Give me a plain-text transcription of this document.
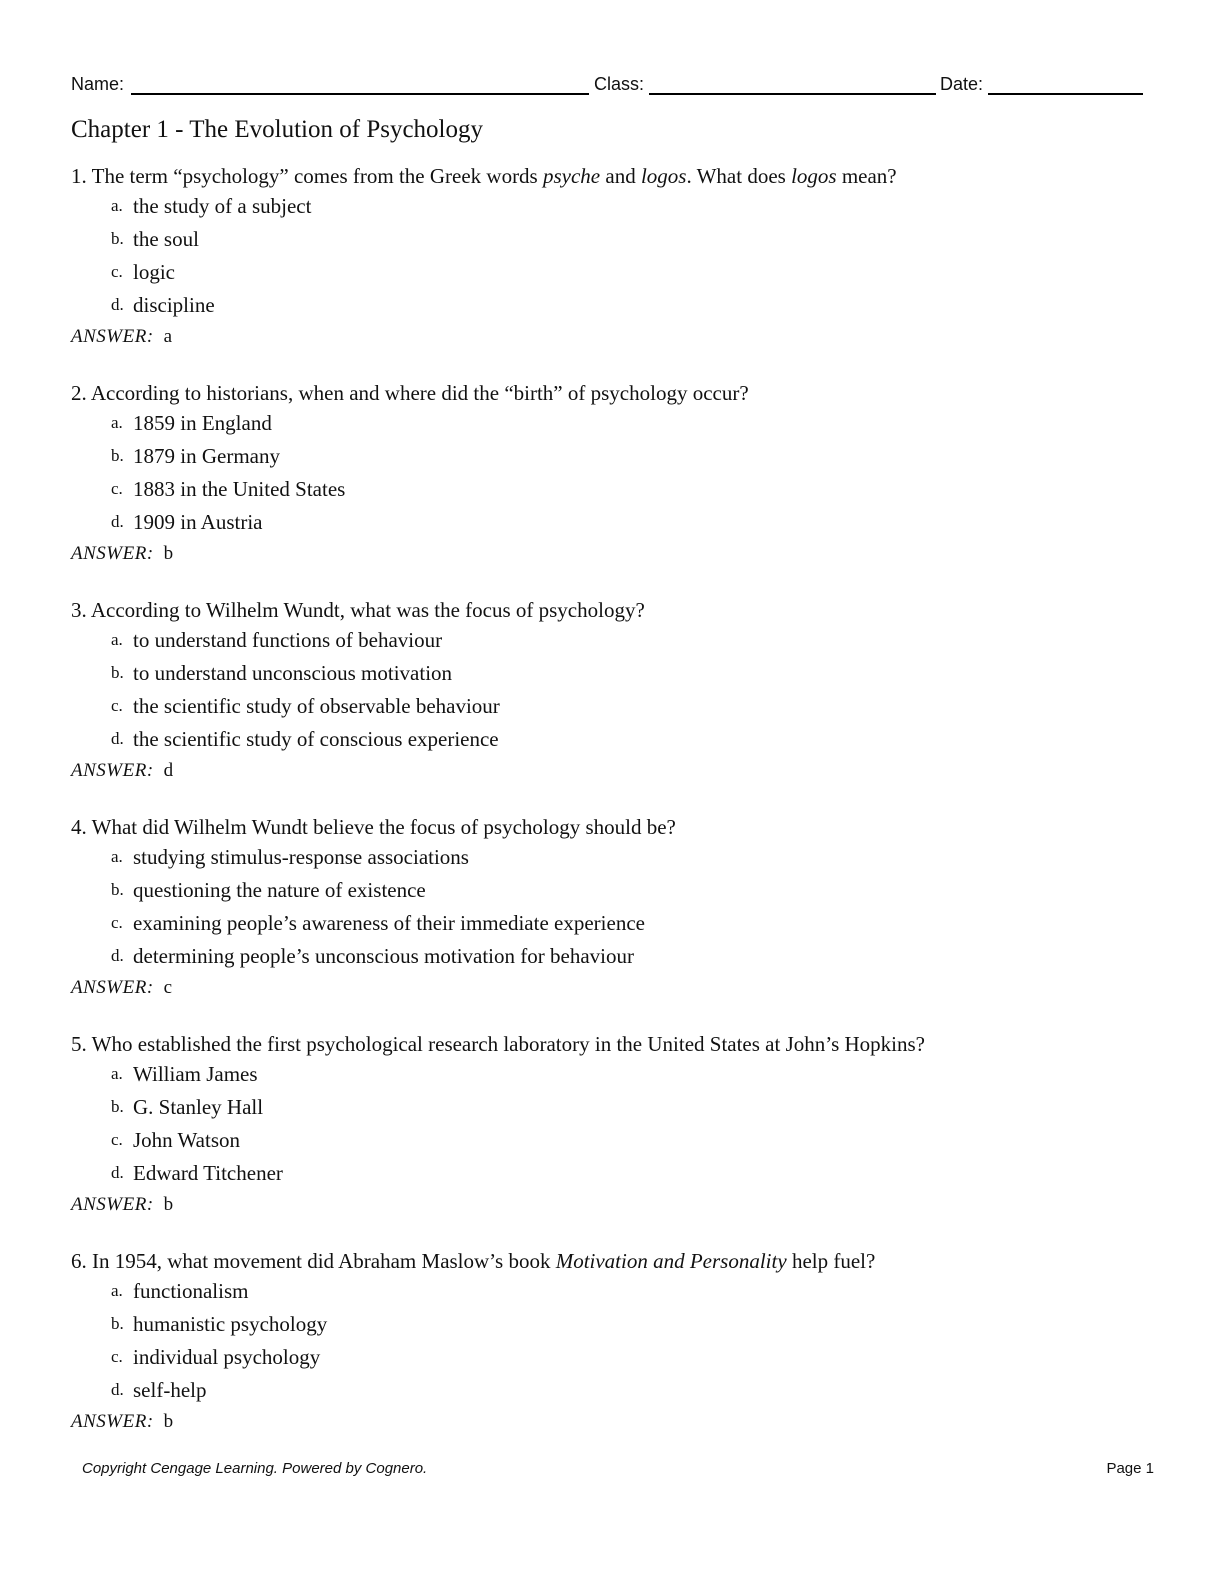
Name:	Class:	Date:
Chapter 1 - The Evolution of Psychology
1. The term “psychology” comes from the Greek words psyche and logos. What does logos mean?
a. the study of a subject
b. the soul
c. logic
d. discipline
ANSWER: a
2. According to historians, when and where did the “birth” of psychology occur?
a. 1859 in England
b. 1879 in Germany
c. 1883 in the United States
d. 1909 in Austria
ANSWER: b
3. According to Wilhelm Wundt, what was the focus of psychology?
a. to understand functions of behaviour
b. to understand unconscious motivation
c. the scientific study of observable behaviour
d. the scientific study of conscious experience
ANSWER: d
4. What did Wilhelm Wundt believe the focus of psychology should be?
a. studying stimulus-response associations
b. questioning the nature of existence
c. examining people’s awareness of their immediate experience
d. determining people’s unconscious motivation for behaviour
ANSWER: c
5. Who established the first psychological research laboratory in the United States at John’s Hopkins?
a. William James
b. G. Stanley Hall
c. John Watson
d. Edward Titchener
ANSWER: b
6. In 1954, what movement did Abraham Maslow’s book Motivation and Personality help fuel?
a. functionalism
b. humanistic psychology
c. individual psychology
d. self-help
ANSWER: b
Copyright Cengage Learning. Powered by Cognero.	Page 1
